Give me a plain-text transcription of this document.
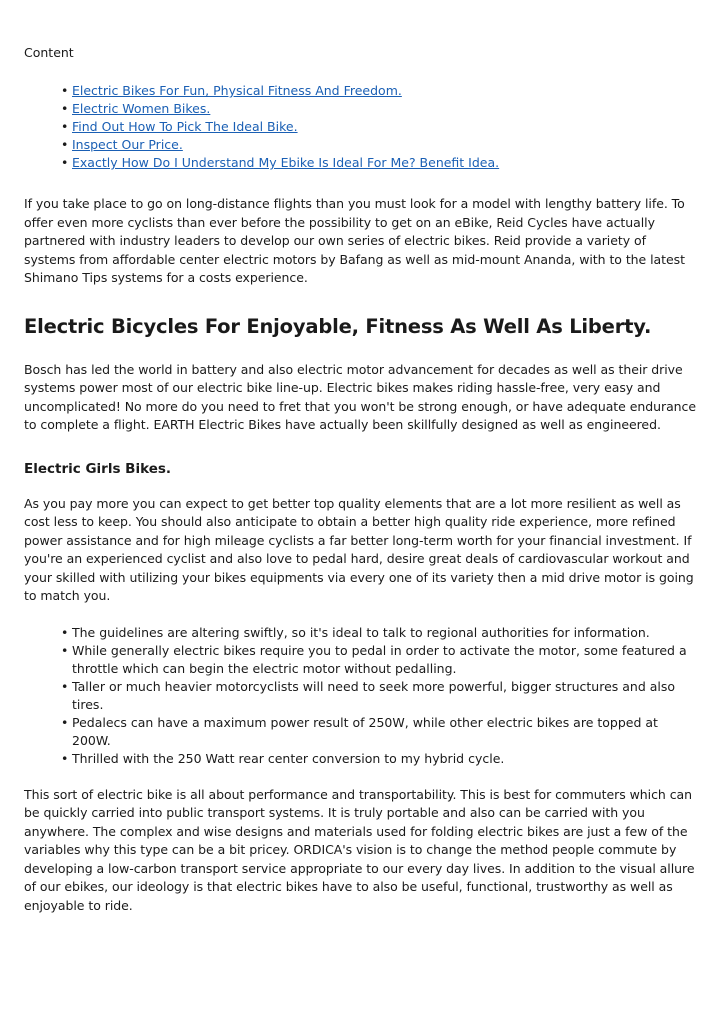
Content
• Electric Bikes For Fun, Physical Fitness And Freedom.
• Electric Women Bikes.
• Find Out How To Pick The Ideal Bike.
• Inspect Our Price.
• Exactly How Do I Understand My Ebike Is Ideal For Me? Benefit Idea.

If you take place to go on long-distance flights than you must look for a model with lengthy battery life. To offer even more cyclists than ever before the possibility to get on an eBike, Reid Cycles have actually partnered with industry leaders to develop our own series of electric bikes. Reid provide a variety of systems from affordable center electric motors by Bafang as well as mid-mount Ananda, with to the latest Shimano Tips systems for a costs experience.

Electric Bicycles For Enjoyable, Fitness As Well As Liberty.

Bosch has led the world in battery and also electric motor advancement for decades as well as their drive systems power most of our electric bike line-up. Electric bikes makes riding hassle-free, very easy and uncomplicated! No more do you need to fret that you won't be strong enough, or have adequate endurance to complete a flight. EARTH Electric Bikes have actually been skillfully designed as well as engineered.

Electric Girls Bikes.

As you pay more you can expect to get better top quality elements that are a lot more resilient as well as cost less to keep. You should also anticipate to obtain a better high quality ride experience, more refined power assistance and for high mileage cyclists a far better long-term worth for your financial investment. If you're an experienced cyclist and also love to pedal hard, desire great deals of cardiovascular workout and your skilled with utilizing your bikes equipments via every one of its variety then a mid drive motor is going to match you.

• The guidelines are altering swiftly, so it's ideal to talk to regional authorities for information.
• While generally electric bikes require you to pedal in order to activate the motor, some featured a throttle which can begin the electric motor without pedalling.
• Taller or much heavier motorcyclists will need to seek more powerful, bigger structures and also tires.
• Pedalecs can have a maximum power result of 250W, while other electric bikes are topped at 200W.
• Thrilled with the 250 Watt rear center conversion to my hybrid cycle.

This sort of electric bike is all about performance and transportability. This is best for commuters which can be quickly carried into public transport systems. It is truly portable and also can be carried with you anywhere. The complex and wise designs and materials used for folding electric bikes are just a few of the variables why this type can be a bit pricey. ORDICA's vision is to change the method people commute by developing a low-carbon transport service appropriate to our every day lives. In addition to the visual allure of our ebikes, our ideology is that electric bikes have to also be useful, functional, trustworthy as well as enjoyable to ride.
